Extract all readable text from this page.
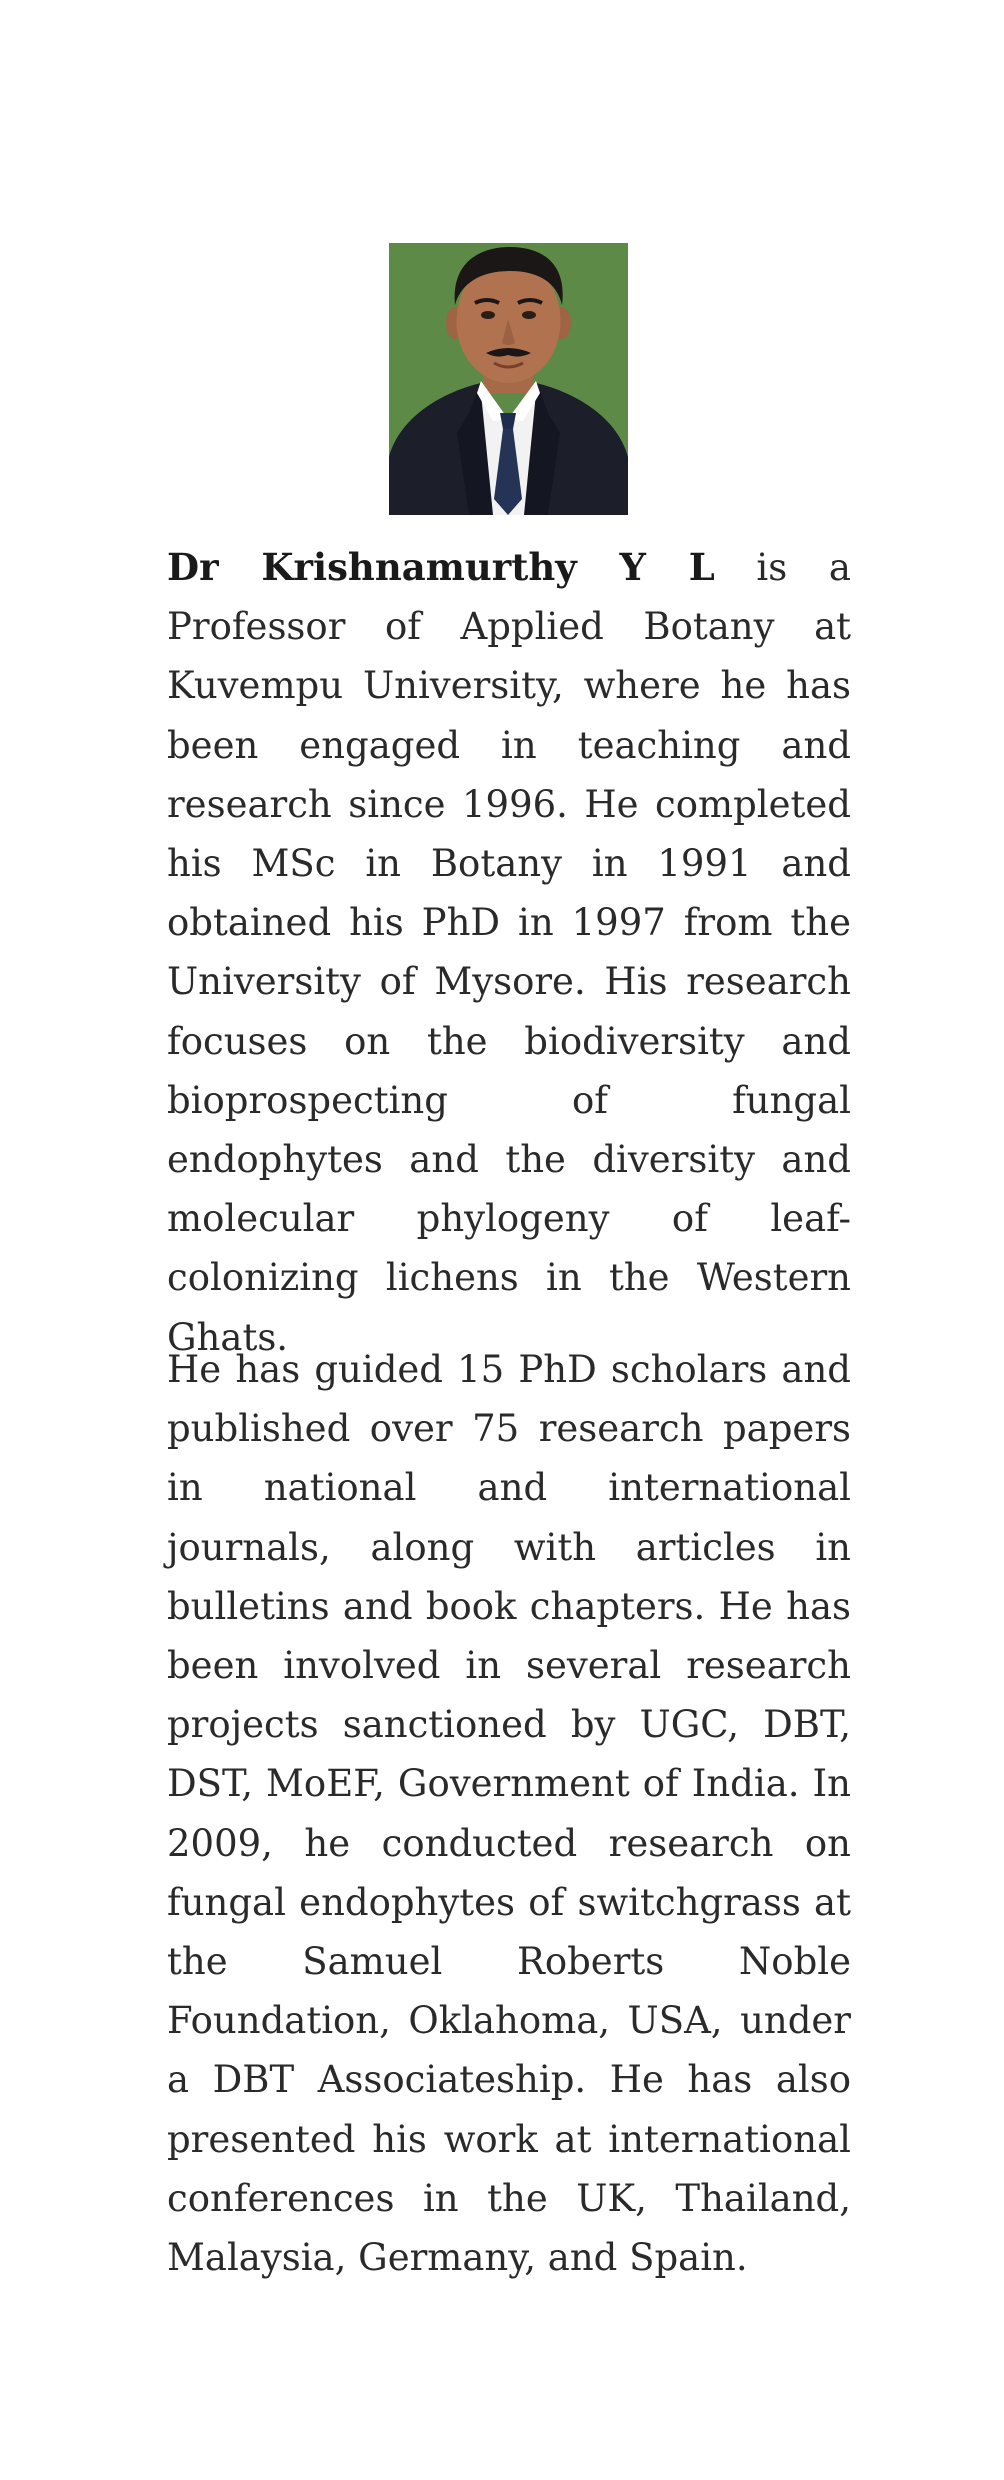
Dr Krishnamurthy Y L is a Professor of Applied Botany at Kuvempu University, where he has been engaged in teaching and research since 1996. He completed his MSc in Botany in 1991 and obtained his PhD in 1997 from the University of Mysore. His research focuses on the biodiversity and bioprospecting of fungal endophytes and the diversity and molecular phylogeny of leaf-colonizing lichens in the Western Ghats.

He has guided 15 PhD scholars and published over 75 research papers in national and international journals, along with articles in bulletins and book chapters. He has been involved in several research projects sanctioned by UGC, DBT, DST, MoEF, Government of India. In 2009, he conducted research on fungal endophytes of switchgrass at the Samuel Roberts Noble Foundation, Oklahoma, USA, under a DBT Associateship. He has also presented his work at international conferences in the UK, Thailand, Malaysia, Germany, and Spain.
